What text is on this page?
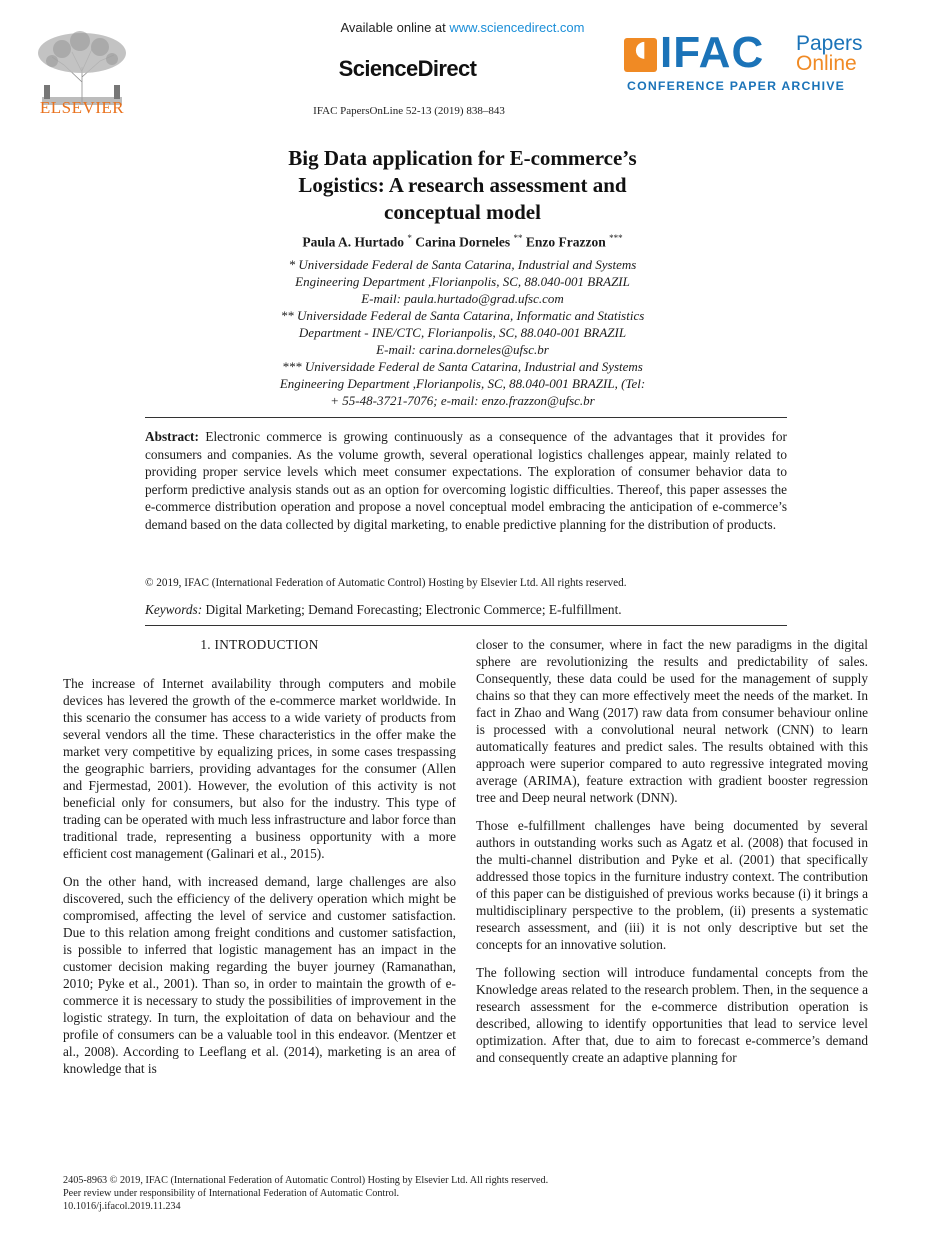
ELSEVIER
Available online at www.sciencedirect.com
ScienceDirect
IFAC PapersOnLine 52-13 (2019) 838–843
◖ IFAC Papers
Online
CONFERENCE PAPER ARCHIVE
Big Data application for E-commerce’s
Logistics: A research assessment and
conceptual model
Paula A. Hurtado * Carina Dorneles ** Enzo Frazzon ***
* Universidade Federal de Santa Catarina, Industrial and Systems
Engineering Department ,Florianpolis, SC, 88.040-001 BRAZIL
E-mail: paula.hurtado@grad.ufsc.com
** Universidade Federal de Santa Catarina, Informatic and Statistics
Department - INE/CTC, Florianpolis, SC, 88.040-001 BRAZIL
E-mail: carina.dorneles@ufsc.br
*** Universidade Federal de Santa Catarina, Industrial and Systems
Engineering Department ,Florianpolis, SC, 88.040-001 BRAZIL, (Tel:
+ 55-48-3721-7076; e-mail: enzo.frazzon@ufsc.br
Abstract: Electronic commerce is growing continuously as a consequence of the advantages that it provides for consumers and companies. As the volume growth, several operational logistics challenges appear, mainly related to providing proper service levels which meet consumer expectations. The exploration of consumer behavior data to perform predictive analysis stands out as an option for overcoming logistic difficulties. Thereof, this paper assesses the e-commerce distribution operation and propose a novel conceptual model embracing the anticipation of e-commerce’s demand based on the data collected by digital marketing, to enable predictive planning for the distribution of products.
© 2019, IFAC (International Federation of Automatic Control) Hosting by Elsevier Ltd. All rights reserved.
Keywords: Digital Marketing; Demand Forecasting; Electronic Commerce; E-fulfillment.
1. INTRODUCTION

The increase of Internet availability through computers and mobile devices has levered the growth of the e-commerce market worldwide. In this scenario the consumer has access to a wide variety of products from several vendors all the time. These characteristics in the offer make the market very competitive by equalizing prices, in some cases trespassing the geographic barriers, providing advantages for the consumer (Allen and Fjermestad, 2001). However, the evolution of this activity is not beneficial only for consumers, but also for the industry. This type of trading can be operated with much less infrastructure and labor force than traditional trade, representing a business opportunity with a more efficient cost management (Galinari et al., 2015).

On the other hand, with increased demand, large challenges are also discovered, such the efficiency of the delivery operation which might be compromised, affecting the level of service and customer satisfaction. Due to this relation among freight conditions and customer satisfaction, is possible to inferred that logistic management has an impact in the customer decision making regarding the buyer journey (Ramanathan, 2010; Pyke et al., 2001). Than so, in order to maintain the growth of e-commerce it is necessary to study the possibilities of improvement in the logistic strategy. In turn, the exploitation of data on behaviour and the profile of consumers can be a valuable tool in this endeavor. (Mentzer et al., 2008). According to Leeflang et al. (2014), marketing is an area of knowledge that is

closer to the consumer, where in fact the new paradigms in the digital sphere are revolutionizing the results and predictability of sales. Consequently, these data could be used for the management of supply chains so that they can more effectively meet the needs of the market. In fact in Zhao and Wang (2017) raw data from consumer behaviour online is processed with a convolutional neural network (CNN) to learn automatically features and predict sales. The results obtained with this approach were superior compared to auto regressive integrated moving average (ARIMA), feature extraction with gradient booster regression tree and Deep neural network (DNN).

Those e-fulfillment challenges have being documented by several authors in outstanding works such as Agatz et al. (2008) that focused in the multi-channel distribution and Pyke et al. (2001) that specifically addressed those topics in the furniture industry context. The contribution of this paper can be distiguished of previous works because (i) it brings a multidisciplinary perspective to the problem, (ii) presents a systematic research assessment, and (iii) it is not only descriptive but set the concepts for an innovative solution.

The following section will introduce fundamental concepts from the Knowledge areas related to the research problem. Then, in the sequence a research assessment for the e-commerce distribution operation is described, allowing to identify opportunities that lead to service level optimization. After that, due to aim to forecast e-commerce’s demand and consequently create an adaptive planning for

2405-8963 © 2019, IFAC (International Federation of Automatic Control) Hosting by Elsevier Ltd. All rights reserved.
Peer review under responsibility of International Federation of Automatic Control.
10.1016/j.ifacol.2019.11.234
